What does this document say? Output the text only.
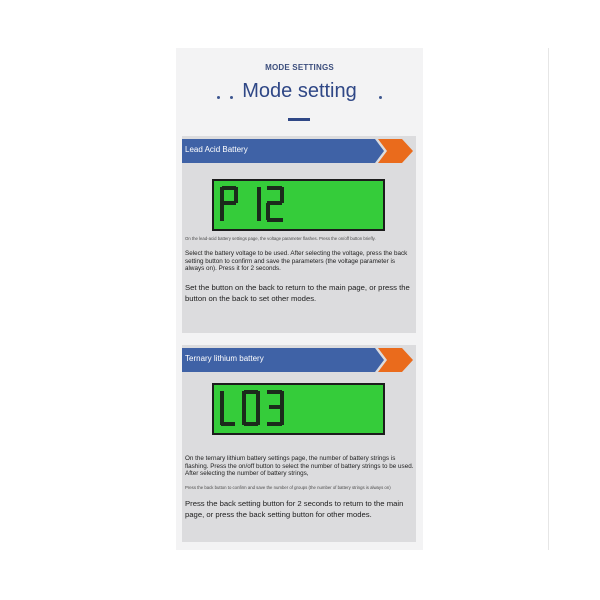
MODE SETTINGS
Mode setting
Lead Acid Battery

On the lead-acid battery settings page, the voltage parameter flashes. Press the on/off button briefly.

Select the battery voltage to be used. After selecting the voltage, press the back setting button to confirm and save the parameters (the voltage parameter is always on). Press it for 2 seconds.

Set the button on the back to return to the main page, or press the button on the back to set other modes.

Ternary lithium battery

On the ternary lithium battery settings page, the number of battery strings is flashing. Press the on/off button to select the number of battery strings to be used. After selecting the number of battery strings,

Press the back button to confirm and save the number of groups (the number of battery strings is always on)

Press the back setting button for 2 seconds to return to the main page, or press the back setting button for other modes.
